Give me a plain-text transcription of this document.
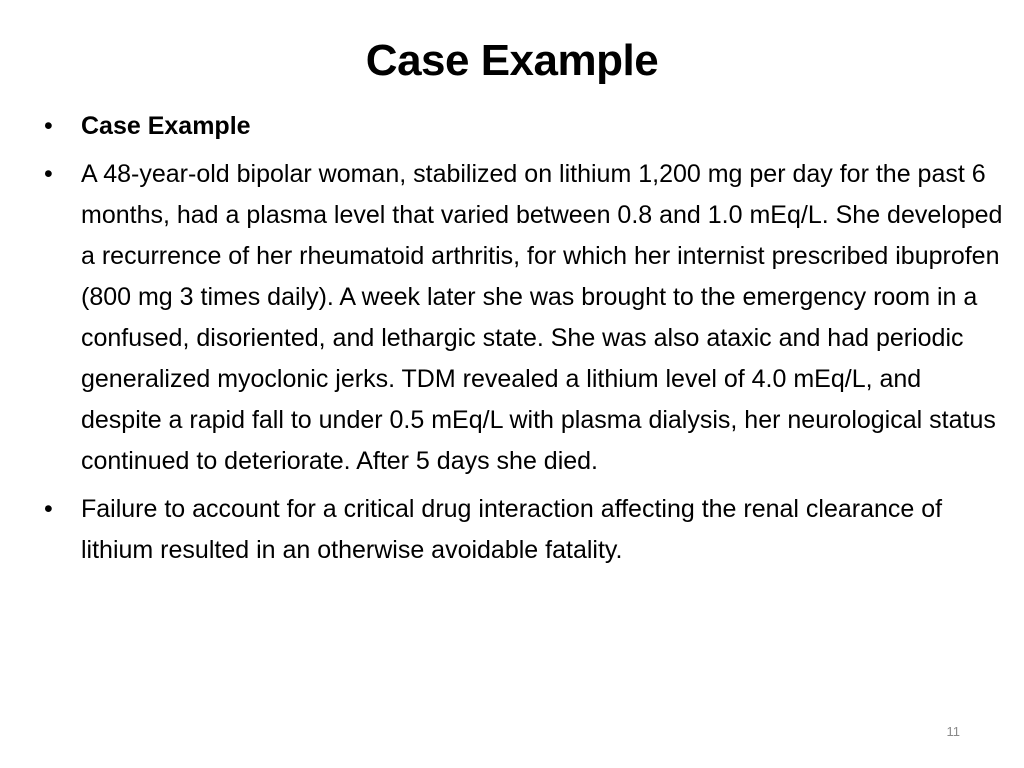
Case Example
•	Case Example
•	A 48-year-old bipolar woman, stabilized on lithium 1,200 mg per day for the past 6 months, had a plasma level that varied between 0.8 and 1.0 mEq/L. She developed a recurrence of her rheumatoid arthritis, for which her internist prescribed ibuprofen (800 mg 3 times daily). A week later she was brought to the emergency room in a confused, disoriented, and lethargic state. She was also ataxic and had periodic generalized myoclonic jerks. TDM revealed a lithium level of 4.0 mEq/L, and despite a rapid fall to under 0.5 mEq/L with plasma dialysis, her neurological status continued to deteriorate. After 5 days she died.
•	Failure to account for a critical drug interaction affecting the renal clearance of lithium resulted in an otherwise avoidable fatality.
11
